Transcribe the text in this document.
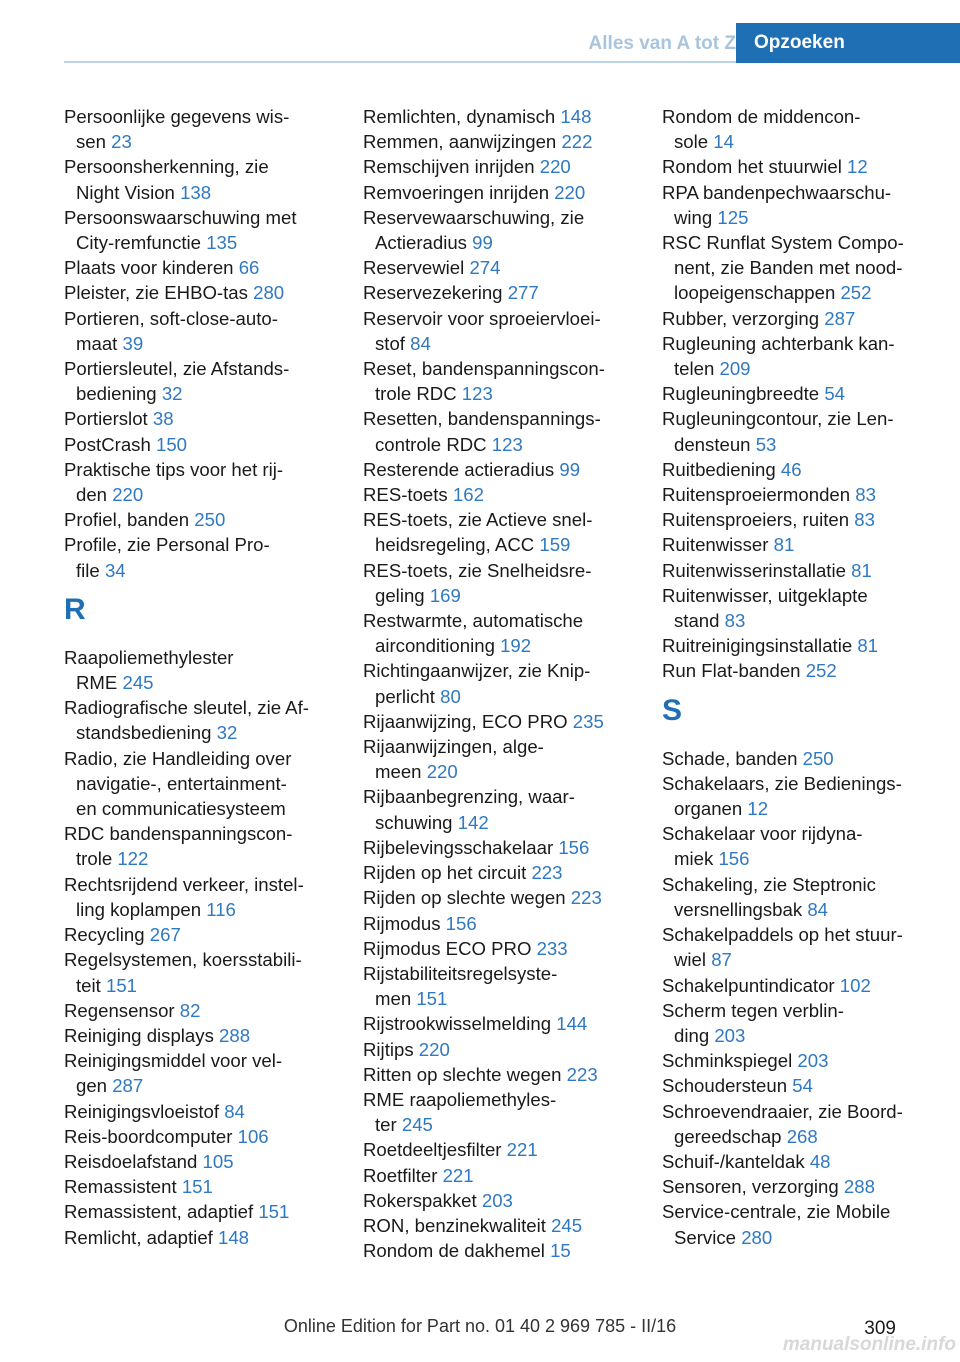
Alles van A tot Z Opzoeken
Persoonlijke gegevens wis-
sen 23
Persoonsherkenning, zie
Night Vision 138
Persoonswaarschuwing met
City-remfunctie 135
Plaats voor kinderen 66
Pleister, zie EHBO-tas 280
Portieren, soft-close-auto-
maat 39
Portiersleutel, zie Afstands-
bediening 32
Portierslot 38
PostCrash 150
Praktische tips voor het rij-
den 220
Profiel, banden 250
Profile, zie Personal Pro-
file 34
R
Raapoliemethylester
RME 245
Radiografische sleutel, zie Af-
standsbediening 32
Radio, zie Handleiding over
navigatie-, entertainment-
en communicatiesysteem
RDC bandenspanningscon-
trole 122
Rechtsrijdend verkeer, instel-
ling koplampen 116
Recycling 267
Regelsystemen, koersstabili-
teit 151
Regensensor 82
Reiniging displays 288
Reinigingsmiddel voor vel-
gen 287
Reinigingsvloeistof 84
Reis-boordcomputer 106
Reisdoelafstand 105
Remassistent 151
Remassistent, adaptief 151
Remlicht, adaptief 148
Remlichten, dynamisch 148
Remmen, aanwijzingen 222
Remschijven inrijden 220
Remvoeringen inrijden 220
Reservewaarschuwing, zie
Actieradius 99
Reservewiel 274
Reservezekering 277
Reservoir voor sproeiervloei-
stof 84
Reset, bandenspanningscon-
trole RDC 123
Resetten, bandenspannings-
controle RDC 123
Resterende actieradius 99
RES-toets 162
RES-toets, zie Actieve snel-
heidsregeling, ACC 159
RES-toets, zie Snelheidsre-
geling 169
Restwarmte, automatische
airconditioning 192
Richtingaanwijzer, zie Knip-
perlicht 80
Rijaanwijzing, ECO PRO 235
Rijaanwijzingen, alge-
meen 220
Rijbaanbegrenzing, waar-
schuwing 142
Rijbelevingsschakelaar 156
Rijden op het circuit 223
Rijden op slechte wegen 223
Rijmodus 156
Rijmodus ECO PRO 233
Rijstabiliteitsregelsyste-
men 151
Rijstrookwisselmelding 144
Rijtips 220
Ritten op slechte wegen 223
RME raapoliemethyles-
ter 245
Roetdeeltjesfilter 221
Roetfilter 221
Rokerspakket 203
RON, benzinekwaliteit 245
Rondom de dakhemel 15
Rondom de middencon-
sole 14
Rondom het stuurwiel 12
RPA bandenpechwaarschu-
wing 125
RSC Runflat System Compo-
nent, zie Banden met nood-
loopeigenschappen 252
Rubber, verzorging 287
Rugleuning achterbank kan-
telen 209
Rugleuningbreedte 54
Rugleuningcontour, zie Len-
densteun 53
Ruitbediening 46
Ruitensproeiermonden 83
Ruitensproeiers, ruiten 83
Ruitenwisser 81
Ruitenwisserinstallatie 81
Ruitenwisser, uitgeklapte
stand 83
Ruitreinigingsinstallatie 81
Run Flat-banden 252
S
Schade, banden 250
Schakelaars, zie Bedienings-
organen 12
Schakelaar voor rijdyna-
miek 156
Schakeling, zie Steptronic
versnellingsbak 84
Schakelpaddels op het stuur-
wiel 87
Schakelpuntindicator 102
Scherm tegen verblin-
ding 203
Schminkspiegel 203
Schoudersteun 54
Schroevendraaier, zie Boord-
gereedschap 268
Schuif-/kanteldak 48
Sensoren, verzorging 288
Service-centrale, zie Mobile
Service 280
309
Online Edition for Part no. 01 40 2 969 785 - II/16
manualsonline.info
